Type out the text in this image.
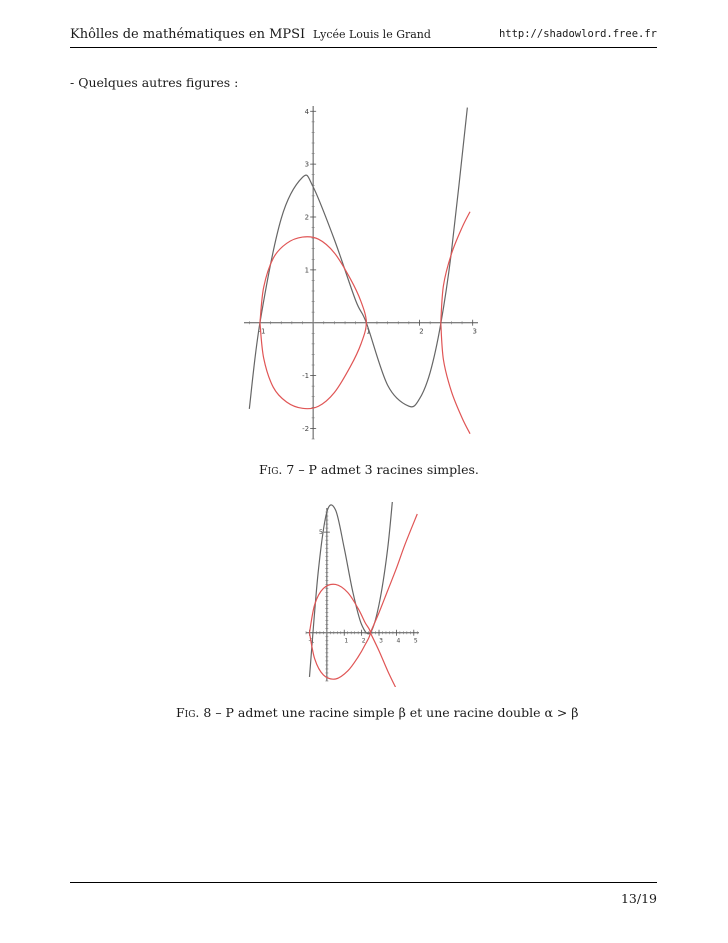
Khôlles de mathématiques en MPSI Lycée Louis le Grand	http://shadowlord.free.fr
- Quelques autres figures :
-1	1	2	3
-2
-1
1
2
3
4
Fig. 7 – P admet 3 racines simples.
-1	1 2 3 4 5
5
Fig. 8 – P admet une racine simple β et une racine double α > β
13/19
